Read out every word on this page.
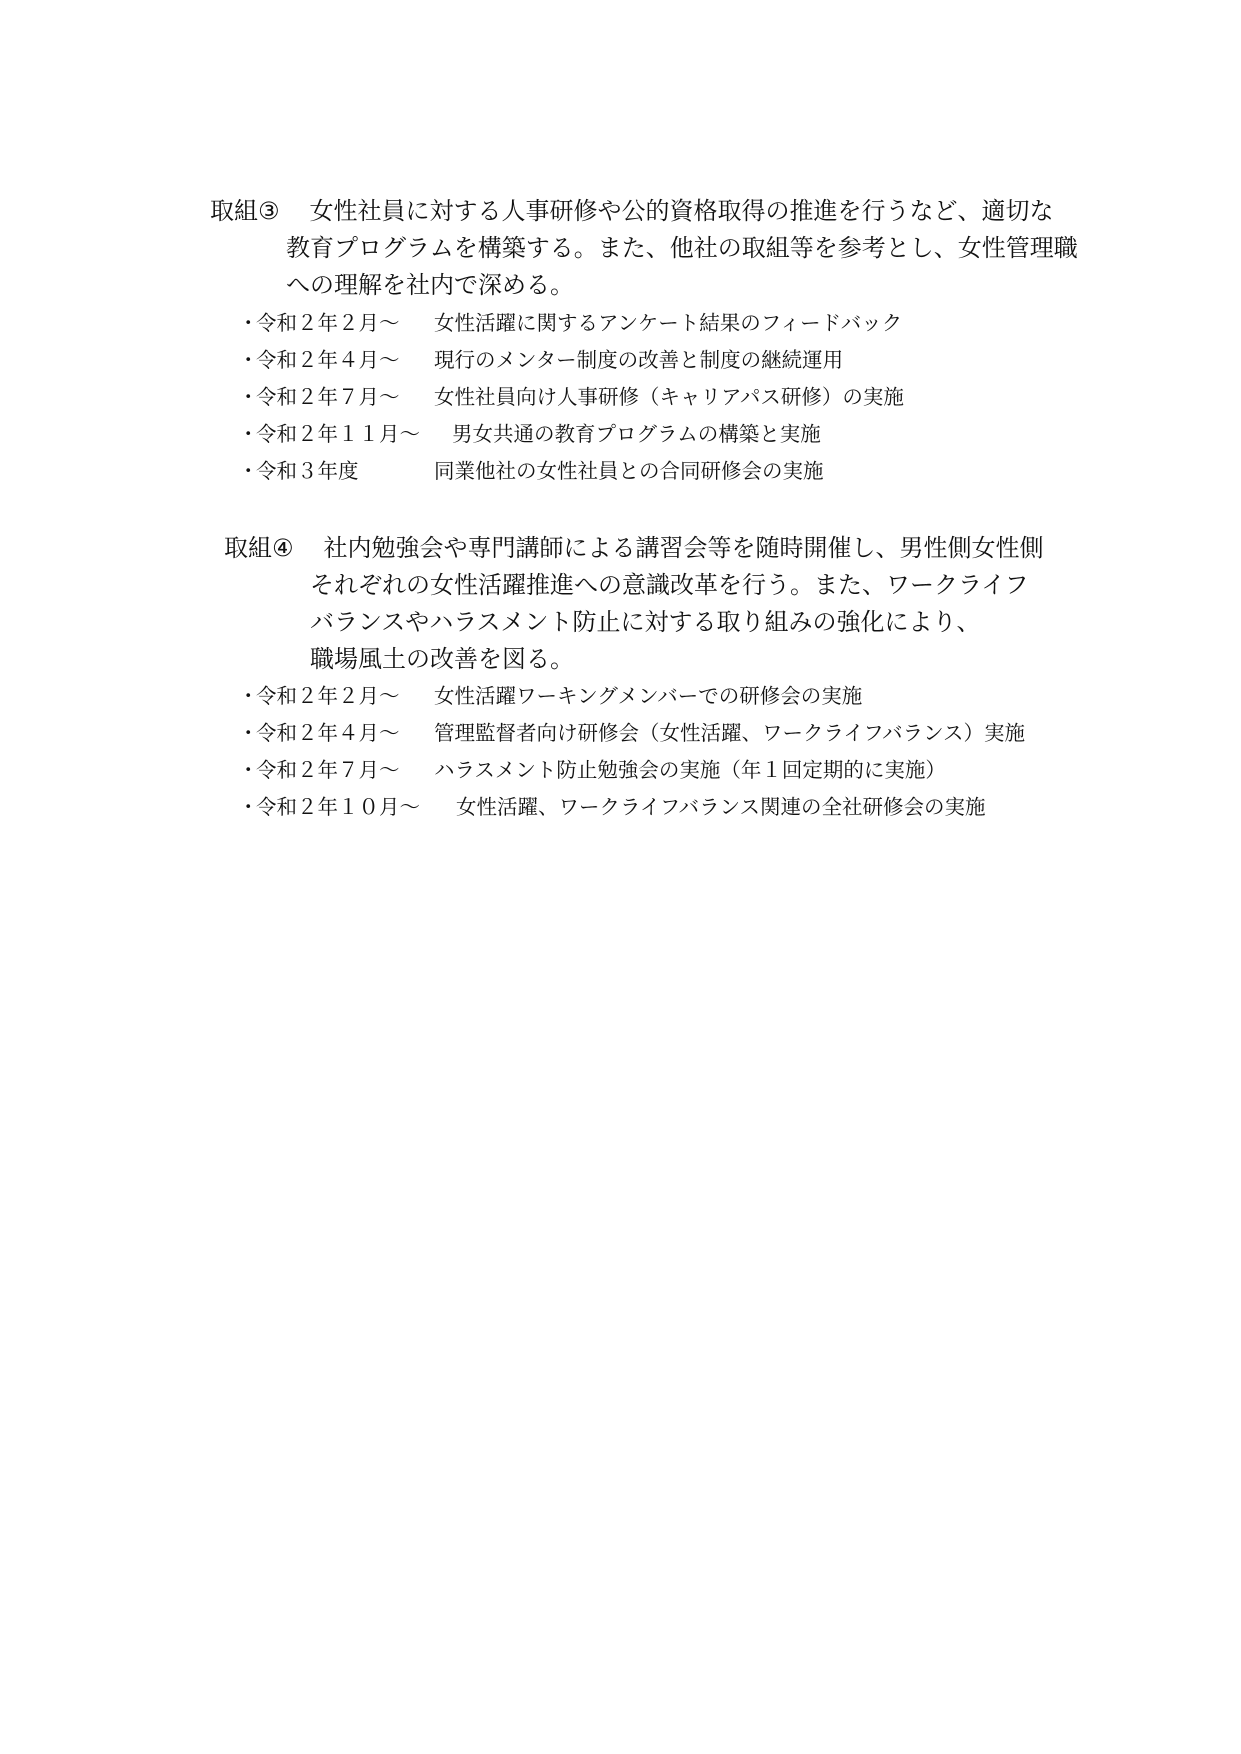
取組③ 女性社員に対する人事研修や公的資格取得の推進を行うなど、適切な
教育プログラムを構築する。また、他社の取組等を参考とし、女性管理職
への理解を社内で深める。
・令和２年２月～ 女性活躍に関するアンケート結果のフィードバック
・令和２年４月～ 現行のメンター制度の改善と制度の継続運用
・令和２年７月～ 女性社員向け人事研修（キャリアパス研修）の実施
・令和２年１１月～ 男女共通の教育プログラムの構築と実施
・令和３年度	同業他社の女性社員との合同研修会の実施
取組④ 社内勉強会や専門講師による講習会等を随時開催し、男性側女性側
それぞれの女性活躍推進への意識改革を行う。また、ワークライフ
バランスやハラスメント防止に対する取り組みの強化により、
職場風土の改善を図る。
・令和２年２月～ 女性活躍ワーキングメンバーでの研修会の実施
・令和２年４月～ 管理監督者向け研修会（女性活躍、ワークライフバランス）実施
・令和２年７月～ ハラスメント防止勉強会の実施（年１回定期的に実施）
・令和２年１０月～ 女性活躍、ワークライフバランス関連の全社研修会の実施
